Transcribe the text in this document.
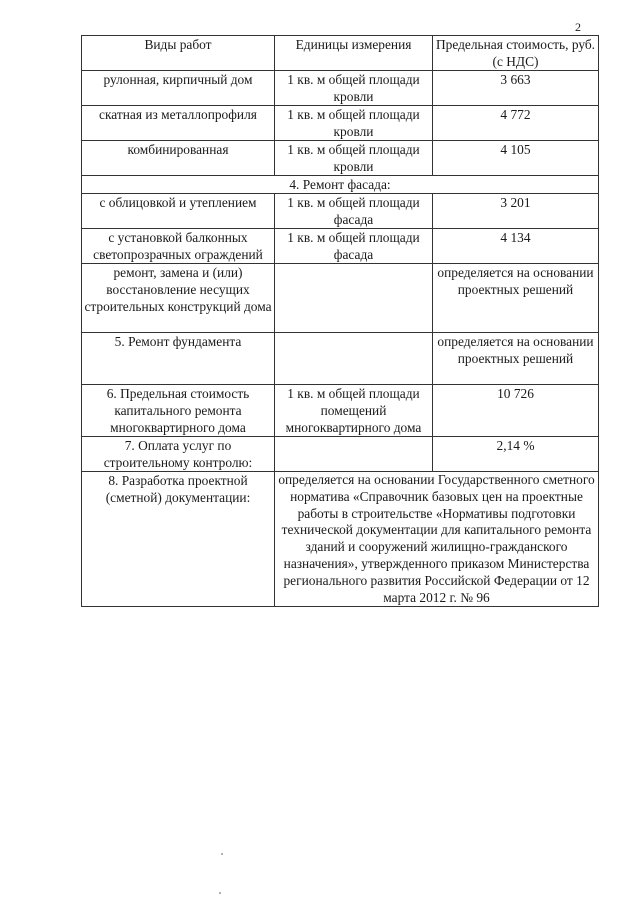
2
Виды работ	Единицы измерения	Предельная стоимость, руб. (с НДС)
рулонная, кирпичный дом	1 кв. м общей площади кровли	3 663
скатная из металлопрофиля	1 кв. м общей площади кровли	4 772
комбинированная	1 кв. м общей площади кровли	4 105
4. Ремонт фасада:		
с облицовкой и утеплением	1 кв. м общей площади фасада	3 201
с установкой балконных светопрозрачных ограждений	1 кв. м общей площади фасада	4 134
ремонт, замена и (или) восстановление несущих строительных конструкций дома		определяется на основании проектных решений
5. Ремонт фундамента		определяется на основании проектных решений
6. Предельная стоимость капитального ремонта многоквартирного дома	1 кв. м общей площади помещений многоквартирного дома	10 726
7. Оплата услуг по строительному контролю:		2,14 %
8. Разработка проектной (сметной) документации:	определяется на основании Государственного сметного норматива «Справочник базовых цен на проектные работы в строительстве «Нормативы подготовки технической документации для капитального ремонта зданий и сооружений жилищно-гражданского назначения», утвержденного приказом Министерства регионального развития Российской Федерации от 12 марта 2012 г. № 96	
